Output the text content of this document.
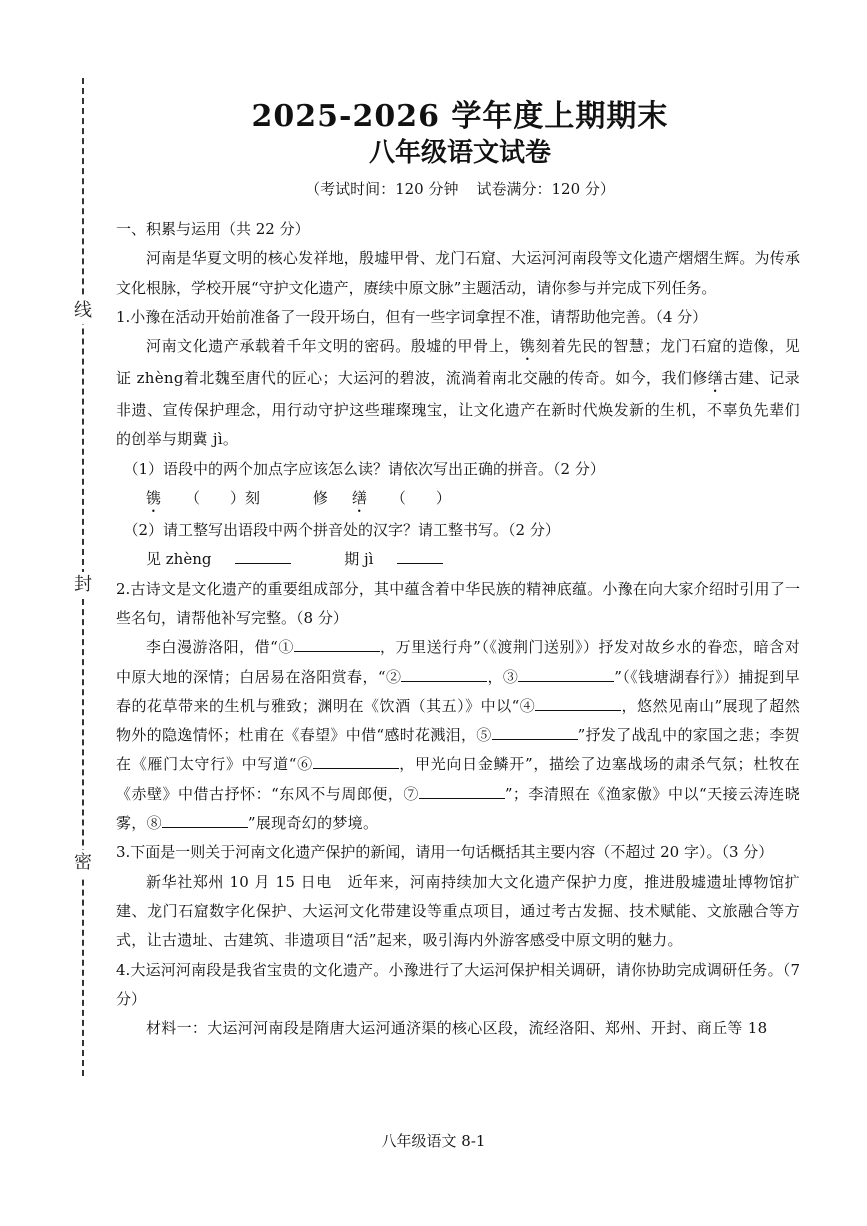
线
封
密
2025-2026 学年度上期期末
八年级语文试卷
（考试时间：120 分钟 试卷满分：120 分）

一、积累与运用（共 22 分）

河南是华夏文明的核心发祥地，殷墟甲骨、龙门石窟、大运河河南段等文化遗产熠熠生辉。为传承文化根脉，学校开展“守护文化遗产，赓续中原文脉”主题活动，请你参与并完成下列任务。

1.小豫在活动开始前准备了一段开场白，但有一些字词拿捏不准，请帮助他完善。（4 分）

河南文化遗产承载着千年文明的密码。殷墟的甲骨上，镌刻着先民的智慧；龙门石窟的造像，见证 zhèng着北魏至唐代的匠心；大运河的碧波，流淌着南北交融的传奇。如今，我们修缮古建、记录非遗、宣传保护理念，用行动守护这些璀璨瑰宝，让文化遗产在新时代焕发新的生机，不辜负先辈们的创举与期冀 jì。

（1）语段中的两个加点字应该怎么读？请依次写出正确的拼音。（2 分）

镌 （　　）刻	修 缮 （　　）

（2）请工整写出语段中两个拼音处的汉字？请工整书写。（2 分）

见 zhèng	期 jì

2.古诗文是文化遗产的重要组成部分，其中蕴含着中华民族的精神底蕴。小豫在向大家介绍时引用了一些名句，请帮他补写完整。（8 分）

李白漫游洛阳，借“①	，万里送行舟”（《渡荆门送别》）抒发对故乡水的眷恋，暗含对中原大地的深情；白居易在洛阳赏春，“②	，③	”（《钱塘湖春行》）捕捉到早春的花草带来的生机与雅致；渊明在《饮酒（其五）》中以“④	，悠然见南山”展现了超然物外的隐逸情怀；杜甫在《春望》中借“感时花溅泪，⑤	”抒发了战乱中的家国之悲；李贺在《雁门太守行》中写道“⑥	，甲光向日金鳞开”，描绘了边塞战场的肃杀气氛；杜牧在《赤壁》中借古抒怀：“东风不与周郎便，⑦	”；李清照在《渔家傲》中以“天接云涛连晓雾，⑧	”展现奇幻的梦境。

3.下面是一则关于河南文化遗产保护的新闻，请用一句话概括其主要内容（不超过 20 字）。（3 分）

新华社郑州 10 月 15 日电　近年来，河南持续加大文化遗产保护力度，推进殷墟遗址博物馆扩建、龙门石窟数字化保护、大运河文化带建设等重点项目，通过考古发掘、技术赋能、文旅融合等方式，让古遗址、古建筑、非遗项目“活”起来，吸引海内外游客感受中原文明的魅力。

4.大运河河南段是我省宝贵的文化遗产。小豫进行了大运河保护相关调研，请你协助完成调研任务。（7 分）

材料一：大运河河南段是隋唐大运河通济渠的核心区段，流经洛阳、郑州、开封、商丘等 18

八年级语文 8-1
